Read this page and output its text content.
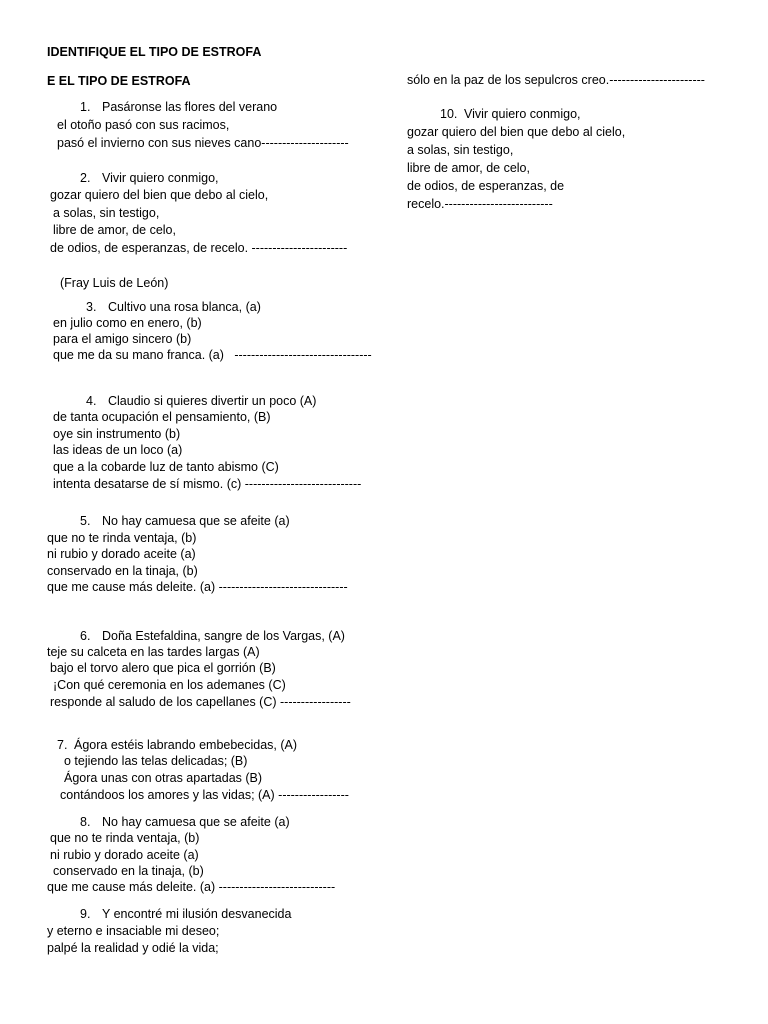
IDENTIFIQUE EL TIPO DE ESTROFA
E EL TIPO DE ESTROFA
1. Pasáronse las flores del verano
el otoño pasó con sus racimos,
pasó el invierno con sus nieves cano---------------------
2. Vivir quiero conmigo,
gozar quiero del bien que debo al cielo,
a solas, sin testigo,
libre de amor, de celo,
de odios, de esperanzas, de recelo. -----------------------
(Fray Luis de León)
3. Cultivo una rosa blanca, (a)
en julio como en enero, (b)
para el amigo sincero (b)
que me da su mano franca. (a)   ---------------------------------
4. Claudio si quieres divertir un poco (A)
de tanta ocupación el pensamiento, (B)
oye sin instrumento (b)
las ideas de un loco (a)
que a la cobarde luz de tanto abismo (C)
intenta desatarse de sí mismo. (c) ----------------------------
5. No hay camuesa que se afeite (a)
que no te rinda ventaja, (b)
ni rubio y dorado aceite (a)
conservado en la tinaja, (b)
que me cause más deleite. (a) -------------------------------
6. Doña Estefaldina, sangre de los Vargas, (A)
teje su calceta en las tardes largas (A)
bajo el torvo alero que pica el gorrión (B)
¡Con qué ceremonia en los ademanes (C)
responde al saludo de los capellanes (C) -----------------
7. Ágora estéis labrando embebecidas, (A)
o tejiendo las telas delicadas; (B)
Ágora unas con otras apartadas (B)
contándoos los amores y las vidas; (A) -----------------
8. No hay camuesa que se afeite (a)
que no te rinda ventaja, (b)
ni rubio y dorado aceite (a)
conservado en la tinaja, (b)
que me cause más deleite. (a) ----------------------------
9. Y encontré mi ilusión desvanecida
y eterno e insaciable mi deseo;
palpé la realidad y odié la vida;
sólo en la paz de los sepulcros creo.-----------------------
10. Vivir quiero conmigo,
gozar quiero del bien que debo al cielo,
a solas, sin testigo,
libre de amor, de celo,
de odios, de esperanzas, de
recelo.--------------------------
